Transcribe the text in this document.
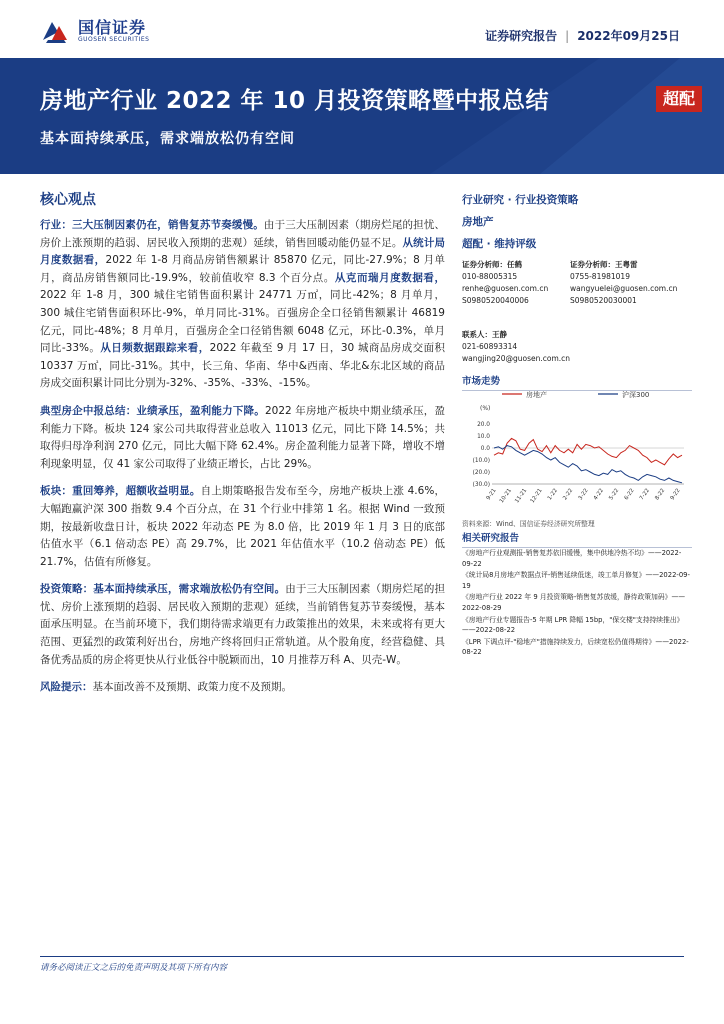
国信证券
GUOSEN SECURITIES	证券研究报告 | 2022年09月25日
房地产行业 2022 年 10 月投资策略暨中报总结
基本面持续承压，需求端放松仍有空间
超配
核心观点

行业：三大压制因素仍在，销售复苏节奏缓慢。由于三大压制因素（期房烂尾的担忧、房价上涨预期的趋弱、居民收入预期的悲观）延续，销售回暖动能仍显不足。从统计局月度数据看，2022 年 1-8 月商品房销售额累计 85870 亿元，同比-27.9%；8 月单月，商品房销售额同比-19.9%，较前值收窄 8.3 个百分点。从克而瑞月度数据看，2022 年 1-8 月，300 城住宅销售面积累计 24771 万㎡，同比-42%；8 月单月，300 城住宅销售面积环比-9%，单月同比-31%。百强房企全口径销售额累计 46819 亿元，同比-48%；8 月单月，百强房企全口径销售额 6048 亿元，环比-0.3%，单月同比-33%。从日频数据跟踪来看，2022 年截至 9 月 17 日，30 城商品房成交面积 10337 万㎡，同比-31%。其中，长三角、华南、华中&西南、华北&东北区域的商品房成交面积累计同比分别为-32%、-35%、-33%、-15%。

典型房企中报总结：业绩承压，盈利能力下降。2022 年房地产板块中期业绩承压，盈利能力下降。板块 124 家公司共取得营业总收入 11013 亿元，同比下降 14.5%；共取得归母净利润 270 亿元，同比大幅下降 62.4%。房企盈利能力显著下降，增收不增利现象明显，仅 41 家公司取得了业绩正增长，占比 29%。

板块：重回筹养，超额收益明显。自上期策略报告发布至今，房地产板块上涨 4.6%，大幅跑赢沪深 300 指数 9.4 个百分点，在 31 个行业中排第 1 名。根据 Wind 一致预期，按最新收盘日计，板块 2022 年动态 PE 为 8.0 倍，比 2019 年 1 月 3 日的底部估值水平（6.1 倍动态 PE）高 29.7%，比 2021 年估值水平（10.2 倍动态 PE）低 21.7%，估值有所修复。

投资策略：基本面持续承压，需求端放松仍有空间。由于三大压制因素（期房烂尾的担忧、房价上涨预期的趋弱、居民收入预期的悲观）延续，当前销售复苏节奏缓慢，基本面承压明显。在当前环境下，我们期待需求端更有力政策推出的效果，未来或将有更大范围、更猛烈的政策利好出台，房地产终将回归正常轨道。从个股角度，经营稳健、具备优秀品质的房企将更快从行业低谷中脱颖而出，10 月推荐万科 A、贝壳-W。

风险提示：基本面改善不及预期、政策力度不及预期。

行业研究 · 行业投资策略
房地产
超配 · 维持评级
证券分析师：任鹤
010-88005315
renhe@guosen.com.cn
S0980520040006
证券分析师：王粤雷
0755-81981019
wangyuelei@guosen.com.cn
S0980520030001
联系人：王静
021-60893314
wangjing20@guosen.com.cn
市场走势
房地产	沪深300
(%)
20.0
10.0
0.0
(10.0)
(20.0)
(30.0)
9-21 10-21 11-21 12-21 1-22 2-22 3-22 4-22 5-22 6-22 7-22 8-22 9-22
资料来源：Wind、国信证券经济研究所整理
相关研究报告
《房地产行业观测报-销售复苏依旧缓慢，集中供地冷热不均》——2022-09-22
《统计局8月房地产数据点评-销售延续低迷，竣工单月修复》——2022-09-19
《房地产行业 2022 年 9 月投资策略-销售复苏放缓，静待政策加码》——2022-08-29
《房地产行业专题报告-5 年期 LPR 降幅 15bp，"保交楼"支持持续推出》——2022-08-22
《LPR 下调点评-"稳地产"措施持续发力，后续宽松仍值得期待》——2022-08-22
请务必阅读正文之后的免责声明及其项下所有内容
